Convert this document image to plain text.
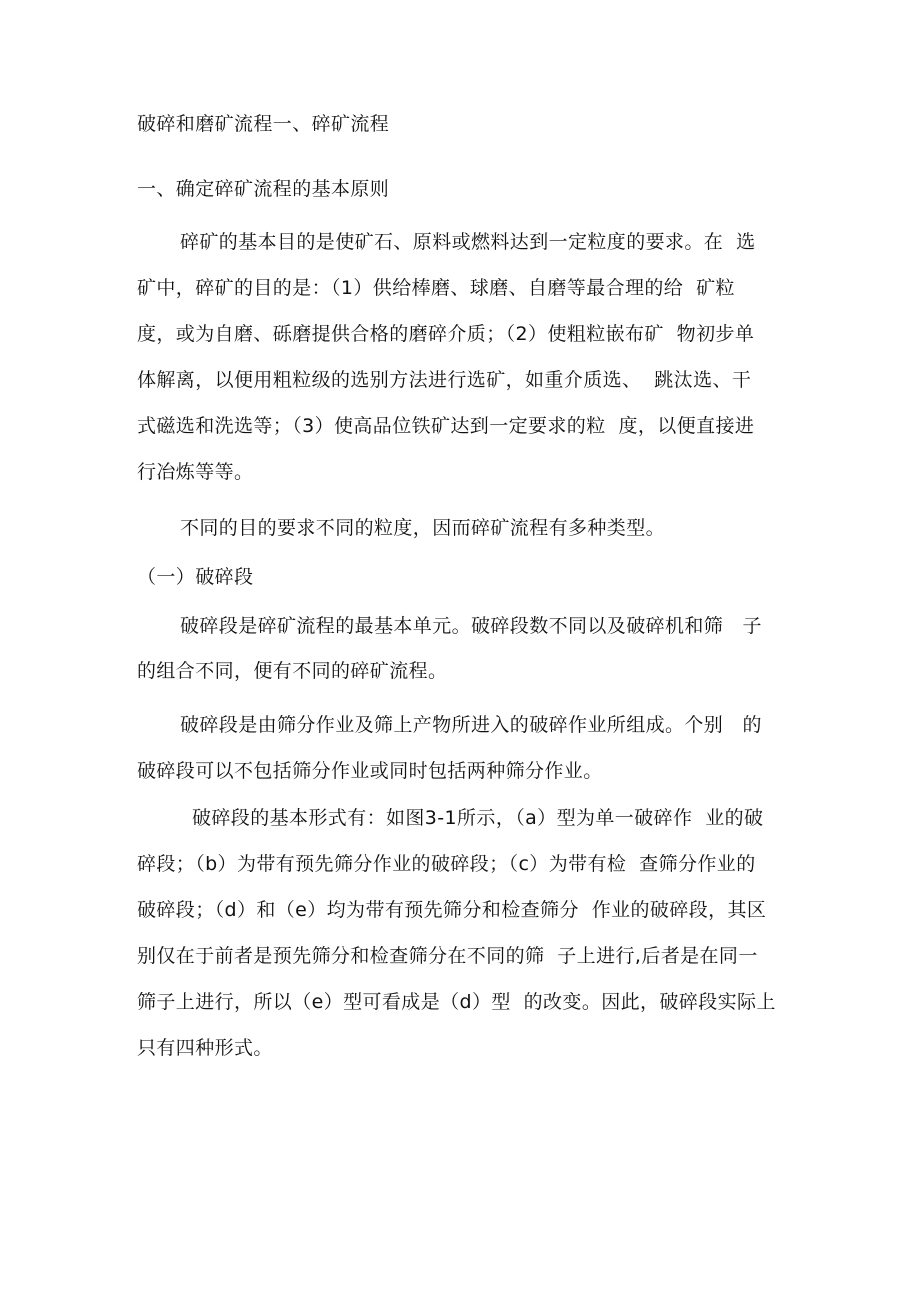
破碎和磨矿流程一、碎矿流程
一、确定碎矿流程的基本原则
碎矿的基本目的是使矿石、原料或燃料达到一定粒度的要求。在  选
矿中，碎矿的目的是：（1）供给棒磨、球磨、自磨等最合理的给  矿粒
度，或为自磨、砾磨提供合格的磨碎介质；（2）使粗粒嵌布矿  物初步单
体解离，以便用粗粒级的选别方法进行选矿，如重介质选、  跳汰选、干
式磁选和洗选等；（3）使高品位铁矿达到一定要求的粒  度，以便直接进
行冶炼等等。
不同的目的要求不同的粒度，因而碎矿流程有多种类型。
（一）破碎段
破碎段是碎矿流程的最基本单元。破碎段数不同以及破碎机和筛   子
的组合不同，便有不同的碎矿流程。
破碎段是由筛分作业及筛上产物所进入的破碎作业所组成。个别   的
破碎段可以不包括筛分作业或同时包括两种筛分作业。
破碎段的基本形式有：如图3-1所示，（a）型为单一破碎作  业的破
碎段；（b）为带有预先筛分作业的破碎段；（c）为带有检  查筛分作业的
破碎段；（d）和（e）均为带有预先筛分和检查筛分  作业的破碎段，其区
别仅在于前者是预先筛分和检查筛分在不同的筛  子上进行,后者是在同一
筛子上进行，所以（e）型可看成是（d）型  的改变。因此，破碎段实际上
只有四种形式。
